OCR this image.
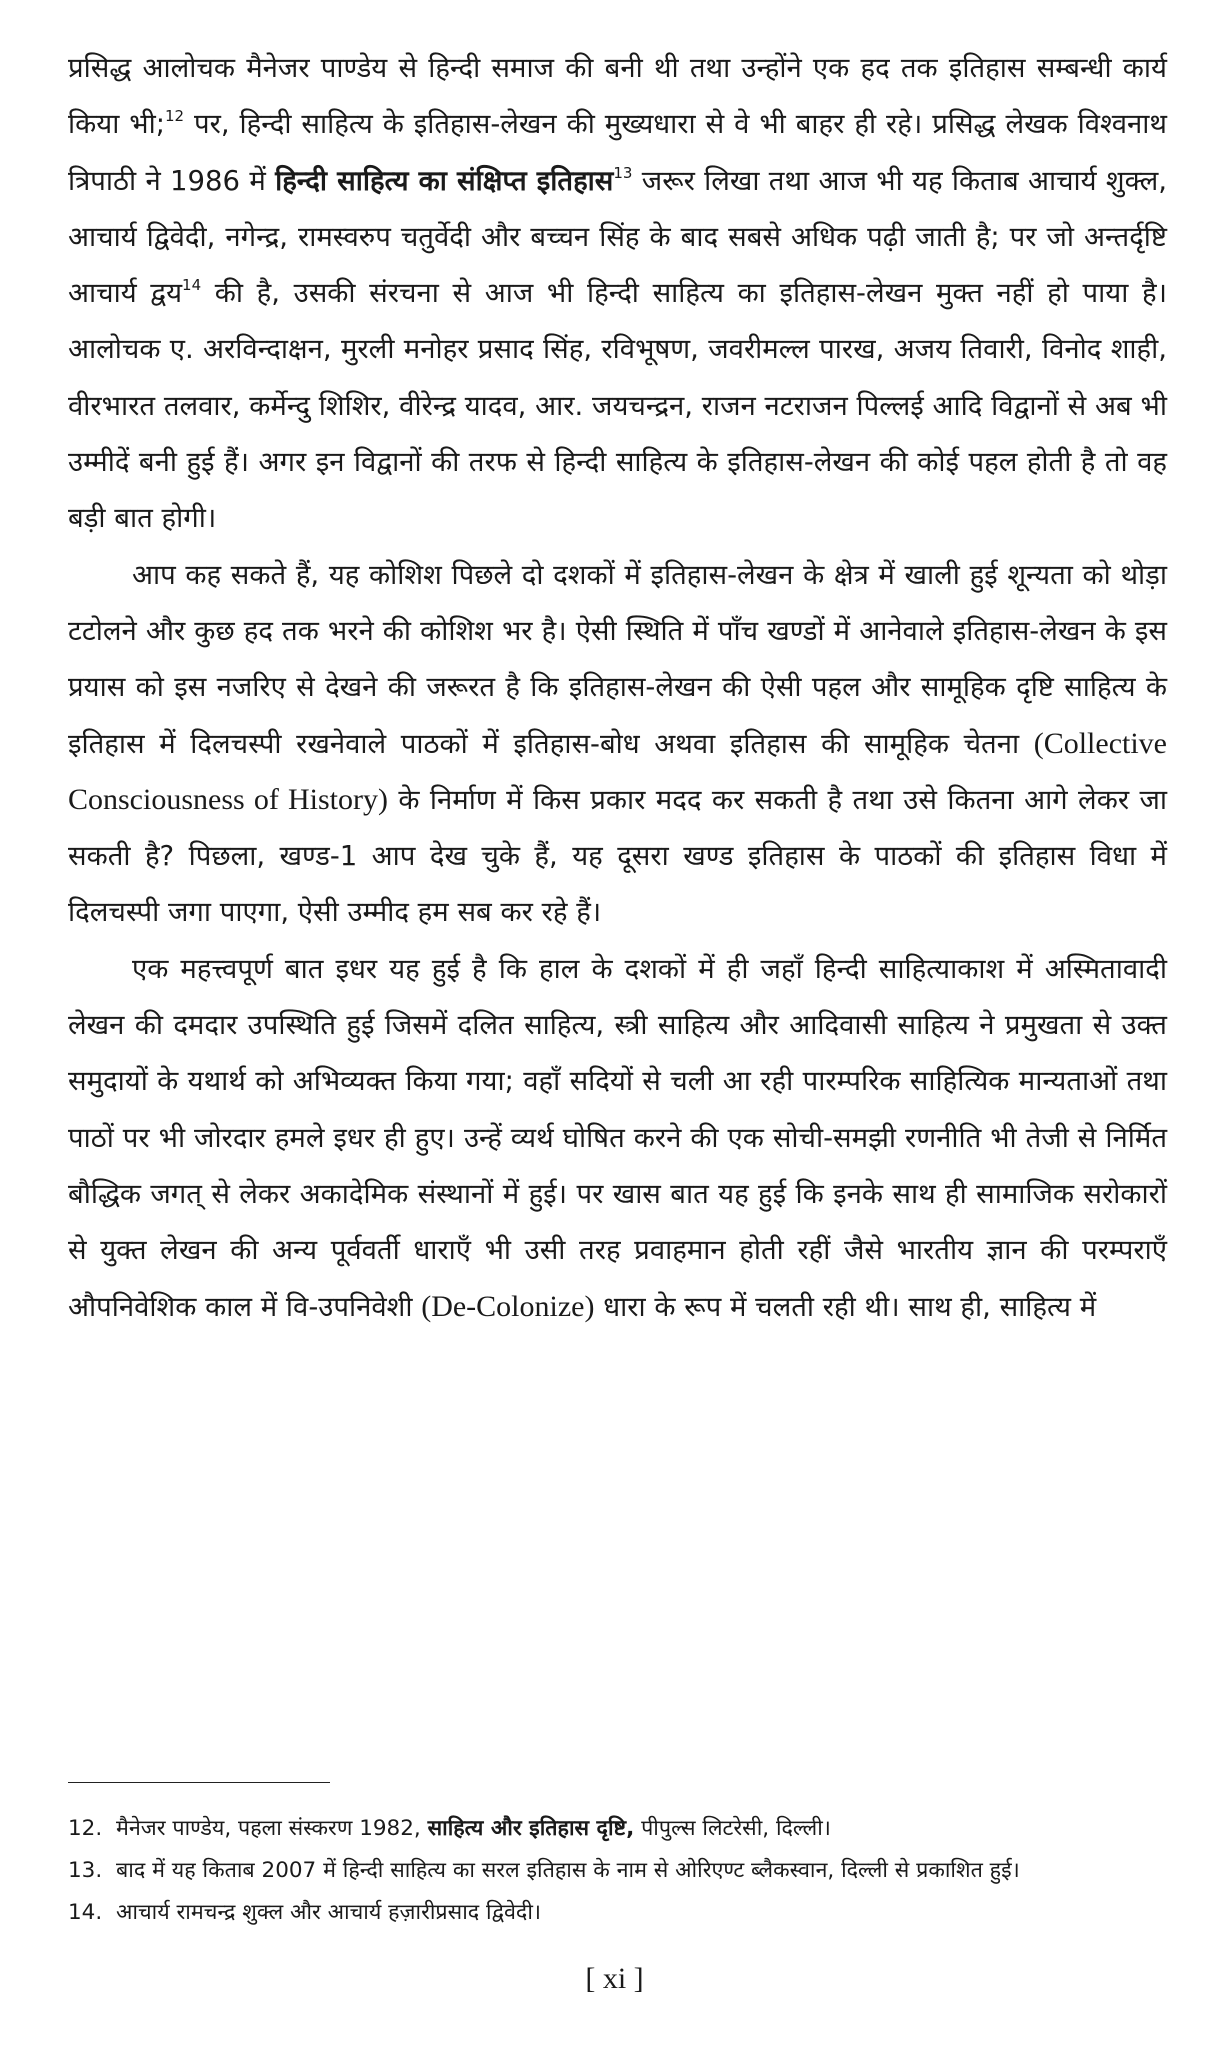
प्रसिद्ध आलोचक मैनेजर पाण्डेय से हिन्दी समाज की बनी थी तथा उन्होंने एक हद तक इतिहास सम्बन्धी कार्य किया भी;$^{12}$ पर, हिन्दी साहित्य के इतिहास-लेखन की मुख्यधारा से वे भी बाहर ही रहे। प्रसिद्ध लेखक विश्वनाथ त्रिपाठी ने 1986 में हिन्दी साहित्य का संक्षिप्त इतिहास$^{13}$ जरूर लिखा तथा आज भी यह किताब आचार्य शुक्ल, आचार्य द्विवेदी, नगेन्द्र, रामस्वरुप चतुर्वेदी और बच्चन सिंह के बाद सबसे अधिक पढ़ी जाती है; पर जो अन्तर्दृष्टि आचार्य द्वय$^{14}$ की है, उसकी संरचना से आज भी हिन्दी साहित्य का इतिहास-लेखन मुक्त नहीं हो पाया है। आलोचक ए. अरविन्दाक्षन, मुरली मनोहर प्रसाद सिंह, रविभूषण, जवरीमल्ल पारख, अजय तिवारी, विनोद शाही, वीरभारत तलवार, कर्मेन्दु शिशिर, वीरेन्द्र यादव, आर. जयचन्द्रन, राजन नटराजन पिल्लई आदि विद्वानों से अब भी उम्मीदें बनी हुई हैं। अगर इन विद्वानों की तरफ से हिन्दी साहित्य के इतिहास-लेखन की कोई पहल होती है तो वह बड़ी बात होगी।

आप कह सकते हैं, यह कोशिश पिछले दो दशकों में इतिहास-लेखन के क्षेत्र में खाली हुई शून्यता को थोड़ा टटोलने और कुछ हद तक भरने की कोशिश भर है। ऐसी स्थिति में पाँच खण्डों में आनेवाले इतिहास-लेखन के इस प्रयास को इस नजरिए से देखने की जरूरत है कि इतिहास-लेखन की ऐसी पहल और सामूहिक दृष्टि साहित्य के इतिहास में दिलचस्पी रखनेवाले पाठकों में इतिहास-बोध अथवा इतिहास की सामूहिक चेतना (Collective Consciousness of History) के निर्माण में किस प्रकार मदद कर सकती है तथा उसे कितना आगे लेकर जा सकती है? पिछला, खण्ड-1 आप देख चुके हैं, यह दूसरा खण्ड इतिहास के पाठकों की इतिहास विधा में दिलचस्पी जगा पाएगा, ऐसी उम्मीद हम सब कर रहे हैं।

एक महत्त्वपूर्ण बात इधर यह हुई है कि हाल के दशकों में ही जहाँ हिन्दी साहित्याकाश में अस्मितावादी लेखन की दमदार उपस्थिति हुई जिसमें दलित साहित्य, स्त्री साहित्य और आदिवासी साहित्य ने प्रमुखता से उक्त समुदायों के यथार्थ को अभिव्यक्त किया गया; वहाँ सदियों से चली आ रही पारम्परिक साहित्यिक मान्यताओं तथा पाठों पर भी जोरदार हमले इधर ही हुए। उन्हें व्यर्थ घोषित करने की एक सोची-समझी रणनीति भी तेजी से निर्मित बौद्धिक जगत् से लेकर अकादेमिक संस्थानों में हुई। पर खास बात यह हुई कि इनके साथ ही सामाजिक सरोकारों से युक्त लेखन की अन्य पूर्ववर्ती धाराएँ भी उसी तरह प्रवाहमान होती रहीं जैसे भारतीय ज्ञान की परम्पराएँ औपनिवेशिक काल में वि-उपनिवेशी (De-Colonize) धारा के रूप में चलती रही थी। साथ ही, साहित्य में

12. मैनेजर पाण्डेय, पहला संस्करण 1982, साहित्य और इतिहास दृष्टि, पीपुल्स लिटरेसी, दिल्ली।

13. बाद में यह किताब 2007 में हिन्दी साहित्य का सरल इतिहास के नाम से ओरिएण्ट ब्लैकस्वान, दिल्ली से प्रकाशित हुई।

14. आचार्य रामचन्द्र शुक्ल और आचार्य हज़ारीप्रसाद द्विवेदी।

[ xi ]
